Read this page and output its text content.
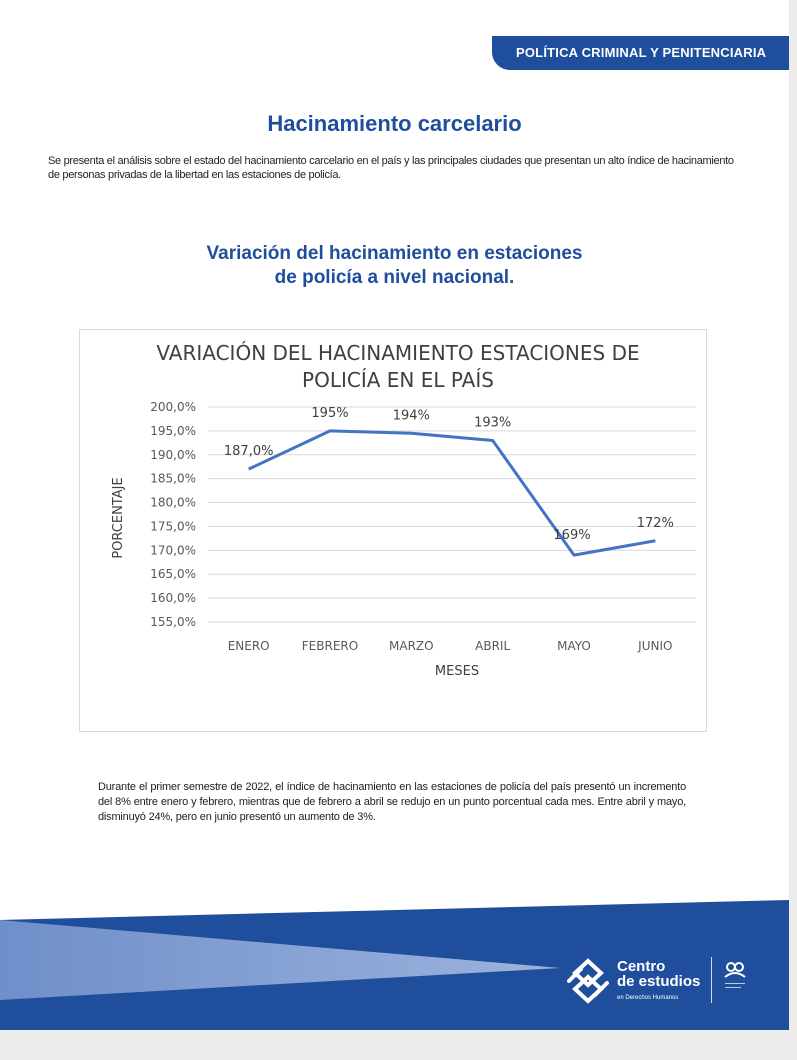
POLÍTICA CRIMINAL Y PENITENCIARIA
Hacinamiento carcelario

Se presenta el análisis sobre el estado del hacinamiento carcelario en el país y las principales ciudades que presentan un alto índice de hacinamiento de personas privadas de la libertad en las estaciones de policía.

Variación del hacinamiento en estaciones
de policía a nivel nacional.
VARIACIÓN DEL HACINAMIENTO ESTACIONES DE
POLICÍA EN EL PAÍS
155,0%
160,0%
165,0%
170,0%
175,0%
180,0%
185,0%
190,0%
195,0%
200,0%
ENERO	FEBRERO	MARZO	ABRIL	MAYO	JUNIO
187,0%
195%	194%	193%
169%
172%
MESES
PORCENTAJE

Durante el primer semestre de 2022, el índice de hacinamiento en las estaciones de policía del país presentó un incremento del 8% entre enero y febrero, mientras que de febrero a abril se redujo en un punto porcentual cada mes. Entre abril y mayo, disminuyó 24%, pero en junio presentó un aumento de 3%.

Centro
de estudios
en Derechos Humanos
